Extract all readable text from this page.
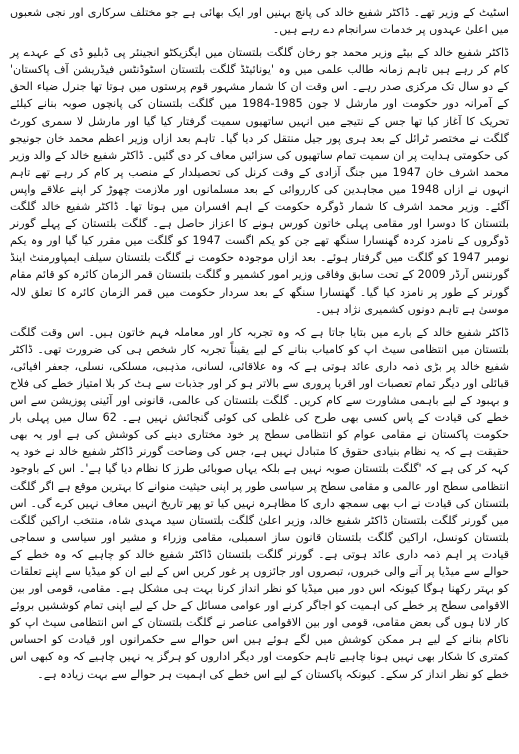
اسٹیٹ کے وزیر تھے۔ ڈاکٹر شفیع خالد کی پانچ بہنیں اور ایک بھائی ہے جو مختلف سرکاری اور نجی شعبوں میں اعلیٰ عہدوں پر خدمات سرانجام دے رہے ہیں۔

ڈاکٹر شفیع خالد کے بیٹے وزیر محمد جو رخان گلگت بلتستان میں ایگزیکٹو انجینئر پی ڈبلیو ڈی کے عہدے پر کام کر رہے ہیں تاہم زمانہ طالب علمی میں وہ 'یونائیٹڈ گلگت بلتستان اسٹوڈنٹس فیڈریشن آف پاکستان' کے دو سال تک مرکزی صدر رہے۔ اس وقت ان کا شمار مشہور قوم پرستوں میں ہوتا تھا جنرل ضیاء الحق کے آمرانہ دور حکومت اور مارشل لا جون 1985-1984 میں گلگت بلتستان کی پانچوں صوبہ بنانے کیلئے تحریک کا آغاز کیا تھا جس کے نتیجے میں انہیں ساتھیوں سمیت گرفتار کیا گیا اور مارشل لا سمری کورٹ گلگت نے مختصر ٹرائل کے بعد ہری پور جیل منتقل کر دیا گیا۔ تاہم بعد ازاں وزیر اعظم محمد خان جونیجو کی حکومتی ہدایت پر ان سمیت تمام ساتھیوں کی سزائیں معاف کر دی گئیں۔ ڈاکٹر شفیع خالد کے والد وزیر محمد اشرف خان 1947 میں جنگ آزادی کے وقت کرنل کی تحصیلدار کے منصب پر کام کر رہے تھے تاہم انہوں نے ازاں 1948 میں مجاہدین کی کارروائی کے بعد مسلمانوں اور ملازمت چھوڑ کر اپنے علاقے واپس آگئے۔ وزیر محمد اشرف کا شمار ڈوگرہ حکومت کے اہم افسران میں ہوتا تھا۔ ڈاکٹر شفیع خالد گلگت بلتستان کا دوسرا اور مقامی پہلی خاتون کورس ہونے کا اعزاز حاصل ہے۔ گلگت بلتستان کے پہلے گورنر ڈوگروں کے نامزد کردہ گھنسارا سنگھ تھے جن کو یکم اگست 1947 کو گلگت میں مقرر کیا گیا اور وہ یکم نومبر 1947 کو گلگت میں گرفتار ہوئے۔ بعد ازاں موجودہ حکومت نے گلگت بلتستان سیلف ایمپاورمنٹ اینڈ گورننس آرڈر 2009 کے تحت سابق وفاقی وزیر امور کشمیر و گلگت بلتستان قمر الزمان کائرہ کو قائم مقام گورنر کے طور پر نامزد کیا گیا۔ گھنسارا سنگھ کے بعد سردار حکومت میں قمر الزمان کائرہ کا تعلق لالہ موسیٰ ہے تاہم دونوں کشمیری نژاد ہیں۔

ڈاکٹر شفیع خالد کے بارے میں بتایا جاتا ہے کہ وہ تجربہ کار اور معاملہ فہم خاتون ہیں۔ اس وقت گلگت بلتستان میں انتظامی سیٹ اپ کو کامیاب بنانے کے لیے یقیناً تجربہ کار شخص ہی کی ضرورت تھی۔ ڈاکٹر شفیع خالد پر بڑی ذمہ داری عائد ہوتی ہے کہ وہ علاقائی، لسانی، مذہبی، مسلکی، نسلی، جعفر افیائی، قبائلی اور دیگر تمام تعصبات اور اقربا پروری سے بالاتر ہو کر اور جذبات سے ہٹ کر بلا امتیاز خطے کی فلاح و بہبود کے لیے باہمی مشاورت سے کام کریں۔ گلگت بلتستان کی عالمی، قانونی اور آئینی پوزیشن سے اس خطے کی قیادت کے پاس کسی بھی طرح کی غلطی کی کوئی گنجائش نہیں ہے۔ 62 سال میں پہلی بار حکومت پاکستان نے مقامی عوام کو انتظامی سطح پر خود مختاری دینے کی کوشش کی ہے اور یہ بھی حقیقت ہے کہ یہ نظام بنیادی حقوق کا متبادل نہیں ہے، جس کی وضاحت گورنر ڈاکٹر شفیع خالد نے خود یہ کہہ کر کی ہے کہ 'گلگت بلتستان صوبہ نہیں ہے بلکہ یہاں صوبائی طرز کا نظام دیا گیا ہے'۔ اس کے باوجود انتظامی سطح اور عالمی و مقامی سطح پر سیاسی طور پر اپنی حیثیت منوانے کا بہترین موقع ہے اگر گلگت بلتستان کی قیادت نے اب بھی سمجھ داری کا مظاہرہ نہیں کیا تو پھر تاریخ انہیں معاف نہیں کرے گی۔ اس میں گورنر گلگت بلتستان ڈاکٹر شفیع خالد، وزیر اعلیٰ گلگت بلتستان سید مہدی شاہ، منتخب اراکین گلگت بلتستان کونسل، اراکین گلگت بلتستان قانون ساز اسمبلی، مقامی وزراء و مشیر اور سیاسی و سماجی قیادت پر اہم ذمہ داری عائد ہوتی ہے۔ گورنر گلگت بلتستان ڈاکٹر شفیع خالد کو چاہیے کہ وہ خطے کے حوالے سے میڈیا پر آنے والی خبروں، تبصروں اور جائزوں پر غور کریں اس کے لیے ان کو میڈیا سے اپنے تعلقات کو بہتر رکھنا ہوگا کیونکہ اس دور میں میڈیا کو نظر انداز کرنا بہت ہی مشکل ہے۔ مقامی، قومی اور بین الاقوامی سطح پر خطے کی اہمیت کو اجاگر کرنے اور عوامی مسائل کے حل کے لیے اپنی تمام کوششیں بروئے کار لانا ہوں گی بعض مقامی، قومی اور بین الاقوامی عناصر نے گلگت بلتستان کے اس انتظامی سیٹ اپ کو ناکام بنانے کے لیے ہر ممکن کوشش میں لگے ہوئے ہیں اس حوالے سے حکمرانوں اور قیادت کو احساس کمتری کا شکار بھی نہیں ہونا چاہیے تاہم حکومت اور دیگر اداروں کو ہرگز یہ نہیں چاہیے کہ وہ کبھی اس خطے کو نظر انداز کر سکے۔ کیونکہ پاکستان کے لیے اس خطے کی اہمیت ہر حوالے سے بہت زیادہ ہے۔
